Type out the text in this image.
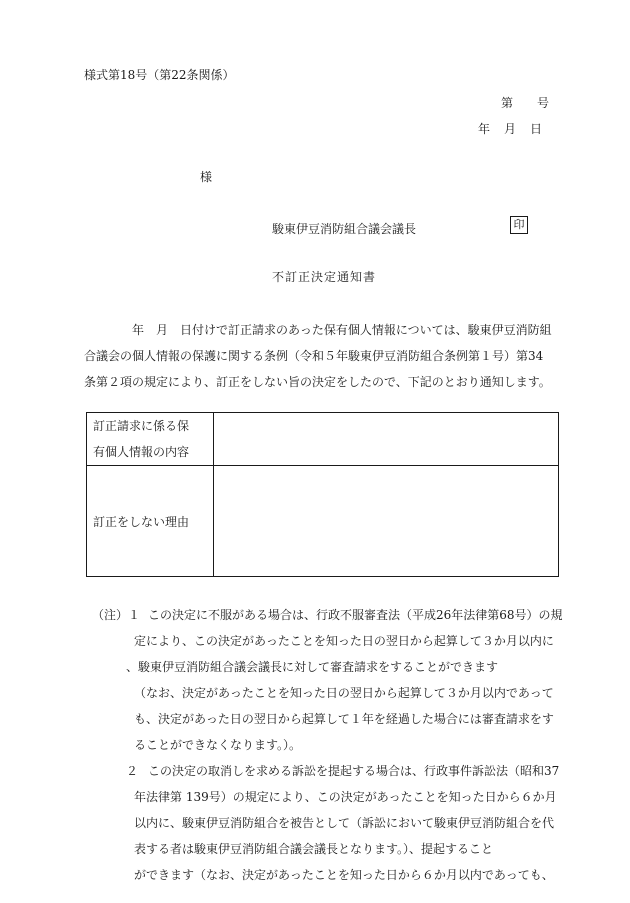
様式第18号（第22条関係）
第 号
年 月 日
様
駿東伊豆消防組合議会議長	印
不訂正決定通知書
年　月　日付けで訂正請求のあった保有個人情報については、駿東伊豆消防組
合議会の個人情報の保護に関する条例（令和５年駿東伊豆消防組合条例第１号）第34
条第２項の規定により、訂正をしない旨の決定をしたので、下記のとおり通知します。
訂正請求に係る保
有個人情報の内容	

訂正をしない理由	
（注）１ この決定に不服がある場合は、行政不服審査法（平成26年法律第68号）の規
定により、この決定があったことを知った日の翌日から起算して３か月以内に
、駿東伊豆消防組合議会議長に対して審査請求をすることができます
（なお、決定があったことを知った日の翌日から起算して３か月以内であって
も、決定があった日の翌日から起算して１年を経過した場合には審査請求をす
ることができなくなります。）。
２ この決定の取消しを求める訴訟を提起する場合は、行政事件訴訟法（昭和37
年法律第 139号）の規定により、この決定があったことを知った日から６か月
以内に、駿東伊豆消防組合を被告として（訴訟において駿東伊豆消防組合を代
表する者は駿東伊豆消防組合議会議長となります。）、提起すること
ができます（なお、決定があったことを知った日から６か月以内であっても、
